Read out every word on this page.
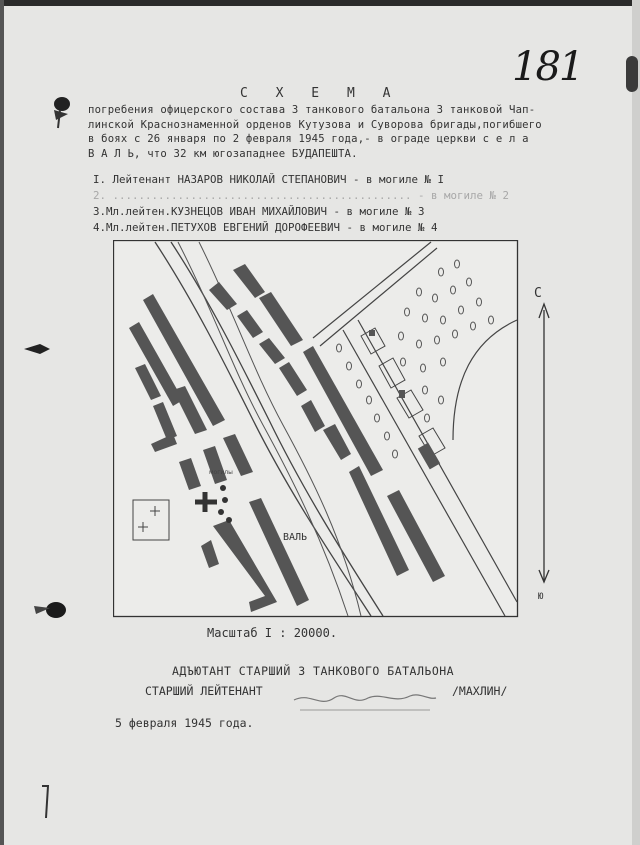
181
С Х Е М А
погребения офицерского состава 3 танкового батальона 3 танковой Чап-
линской Краснознаменной орденов Кутузова и Суворова бригады,погибшего
в боях с 26 января по 2 февраля 1945 года,- в ограде церкви с е л а
В А Л Ь, что 32 км югозападнее БУДАПЕШТА.
I. Лейтенант НАЗАРОВ НИКОЛАЙ СТЕПАНОВИЧ - в могиле № I
2. .............................................. - в могиле № 2
3.Мл.лейтен.КУЗНЕЦОВ ИВАН МИХАЙЛОВИЧ - в могиле № 3
4.Мл.лейтен.ПЕТУХОВ ЕВГЕНИЙ ДОРОФЕЕВИЧ - в могиле № 4
могилы
ВАЛЬ
С
Ю
Масштаб I : 20000.
АДЪЮТАНТ СТАРШИЙ 3 ТАНКОВОГО БАТАЛЬОНА
СТАРШИЙ ЛЕЙТЕНАНТ	/МАХЛИН/
5 февраля 1945 года.
